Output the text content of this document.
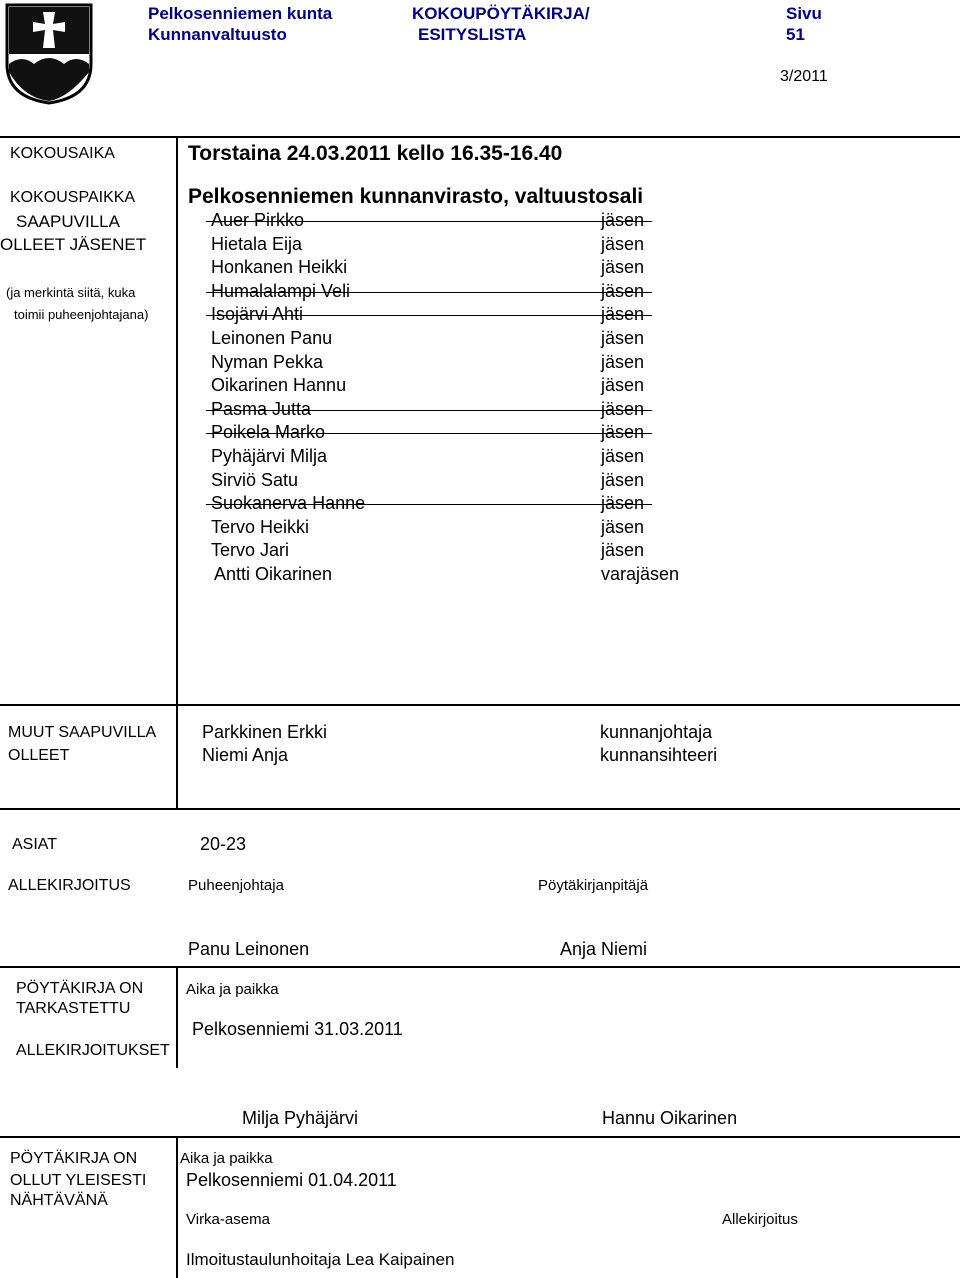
Pelkosenniemen kunta
Kunnanvaltuusto
KOKOUPÖYTÄKIRJA/
ESITYSLISTA
Sivu
51
3/2011
KOKOUSAIKA	Torstaina 24.03.2011 kello 16.35-16.40
KOKOUSPAIKKA	Pelkosenniemen kunnanvirasto, valtuustosali
SAAPUVILLA
OLLEET JÄSENET
(ja merkintä siitä, kuka
toimii puheenjohtajana)
Auer Pirkko	jäsen
Hietala Eija	jäsen
Honkanen Heikki	jäsen
Humalalampi Veli	jäsen
Isojärvi Ahti	jäsen
Leinonen Panu	jäsen
Nyman Pekka	jäsen
Oikarinen Hannu	jäsen
Pasma Jutta	jäsen
Poikela Marko	jäsen
Pyhäjärvi Milja	jäsen
Sirviö Satu	jäsen
Suokanerva Hanne	jäsen
Tervo Heikki	jäsen
Tervo Jari	jäsen
Antti Oikarinen	varajäsen
MUUT SAAPUVILLA
OLLEET
Parkkinen Erkki	kunnanjohtaja
Niemi Anja	kunnansihteeri
ASIAT	20-23
ALLEKIRJOITUS	Puheenjohtaja	Pöytäkirjanpitäjä
Panu Leinonen	Anja Niemi
PÖYTÄKIRJA ON
TARKASTETTU
ALLEKIRJOITUKSET
Aika ja paikka
Pelkosenniemi 31.03.2011
Milja Pyhäjärvi	Hannu Oikarinen
PÖYTÄKIRJA ON
OLLUT YLEISESTI
NÄHTÄVÄNÄ
Aika ja paikka
Pelkosenniemi 01.04.2011
Virka-asema	Allekirjoitus
Ilmoitustaulunhoitaja Lea Kaipainen
